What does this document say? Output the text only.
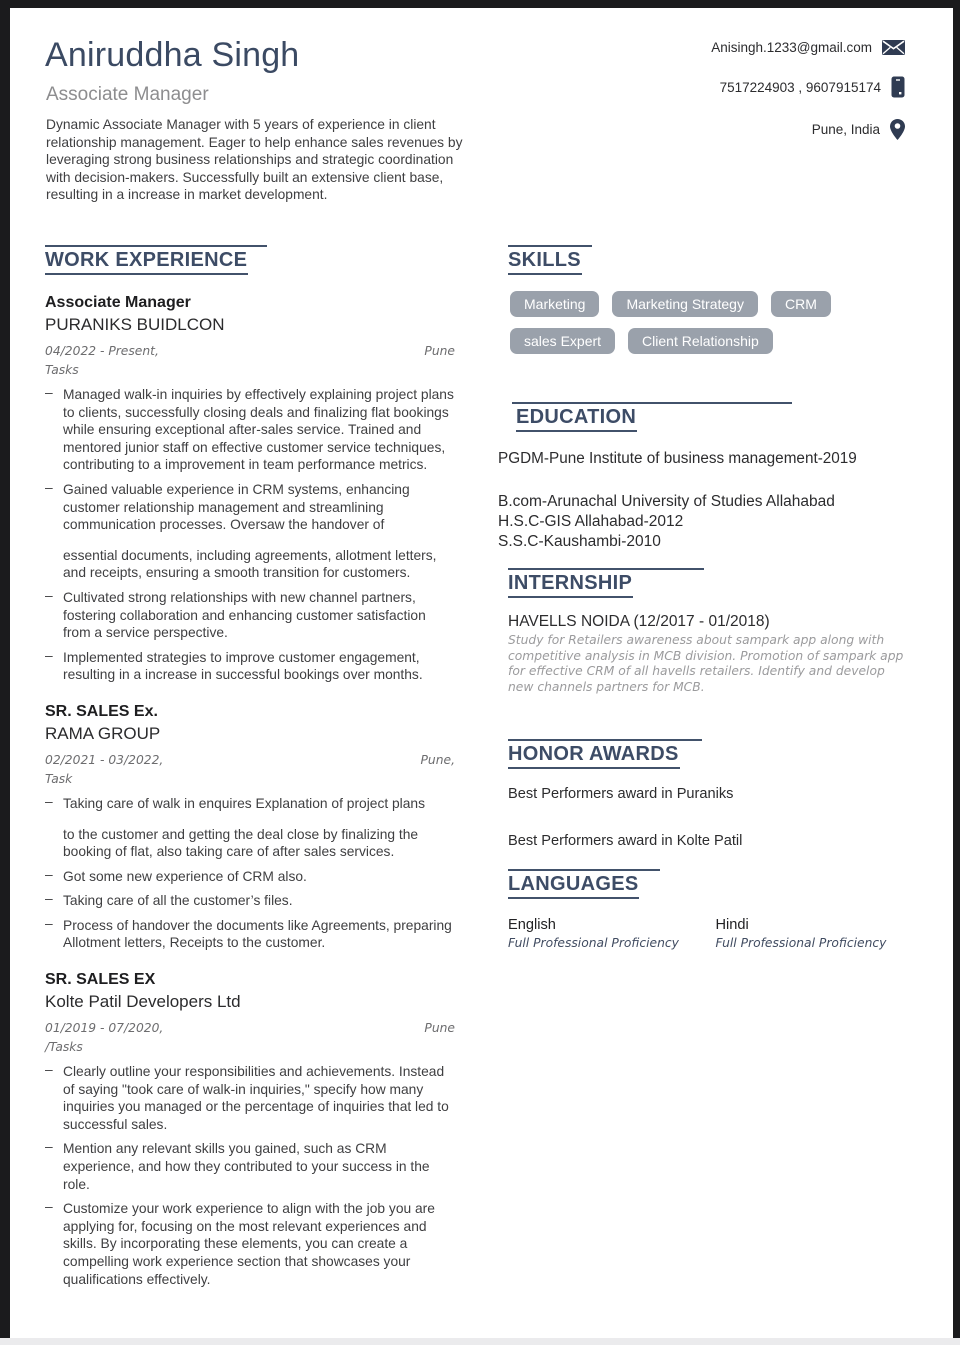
Aniruddha Singh
Associate Manager
Dynamic Associate Manager with 5 years of experience in client relationship management. Eager to help enhance sales revenues by leveraging strong business relationships and strategic coordination with decision-makers. Successfully built an extensive client base, resulting in a increase in market development.
Anisingh.1233@gmail.com
7517224903 , 9607915174
Pune, India
WORK EXPERIENCE
Associate Manager
PURANIKS BUIDLCON
04/2022 - Present,	Pune
Tasks
– Managed walk-in inquiries by effectively explaining project plans to clients, successfully closing deals and finalizing flat bookings while ensuring exceptional after-sales service. Trained and mentored junior staff on effective customer service techniques, contributing to a improvement in team performance metrics.
– Gained valuable experience in CRM systems, enhancing customer relationship management and streamlining communication processes. Oversaw the handover of
essential documents, including agreements, allotment letters, and receipts, ensuring a smooth transition for customers.
– Cultivated strong relationships with new channel partners, fostering collaboration and enhancing customer satisfaction from a service perspective.
– Implemented strategies to improve customer engagement, resulting in a increase in successful bookings over months.
SR. SALES Ex.
RAMA GROUP
02/2021 - 03/2022,	Pune,
Task
– Taking care of walk in enquires Explanation of project plans
to the customer and getting the deal close by finalizing the booking of flat, also taking care of after sales services.
– Got some new experience of CRM also.
– Taking care of all the customer’s files.
– Process of handover the documents like Agreements, preparing Allotment letters, Receipts to the customer.
SR. SALES EX
Kolte Patil Developers Ltd
01/2019 - 07/2020,	Pune
/Tasks
– Clearly outline your responsibilities and achievements. Instead of saying "took care of walk-in inquiries," specify how many inquiries you managed or the percentage of inquiries that led to successful sales.
– Mention any relevant skills you gained, such as CRM experience, and how they contributed to your success in the role.
– Customize your work experience to align with the job you are applying for, focusing on the most relevant experiences and skills. By incorporating these elements, you can create a compelling work experience section that showcases your qualifications effectively.
SKILLS
Marketing	Marketing Strategy	CRM
sales Expert	Client Relationship
EDUCATION
PGDM-Pune Institute of business management-2019
B.com-Arunachal University of Studies Allahabad
H.S.C-GIS Allahabad-2012
S.S.C-Kaushambi-2010
INTERNSHIP
HAVELLS NOIDA (12/2017 - 01/2018)
Study for Retailers awareness about sampark app along with competitive analysis in MCB division. Promotion of sampark app for effective CRM of all havells retailers. Identify and develop new channels partners for MCB.
HONOR AWARDS
Best Performers award in Puraniks
Best Performers award in Kolte Patil
LANGUAGES
English
Full Professional Proficiency
Hindi
Full Professional Proficiency
